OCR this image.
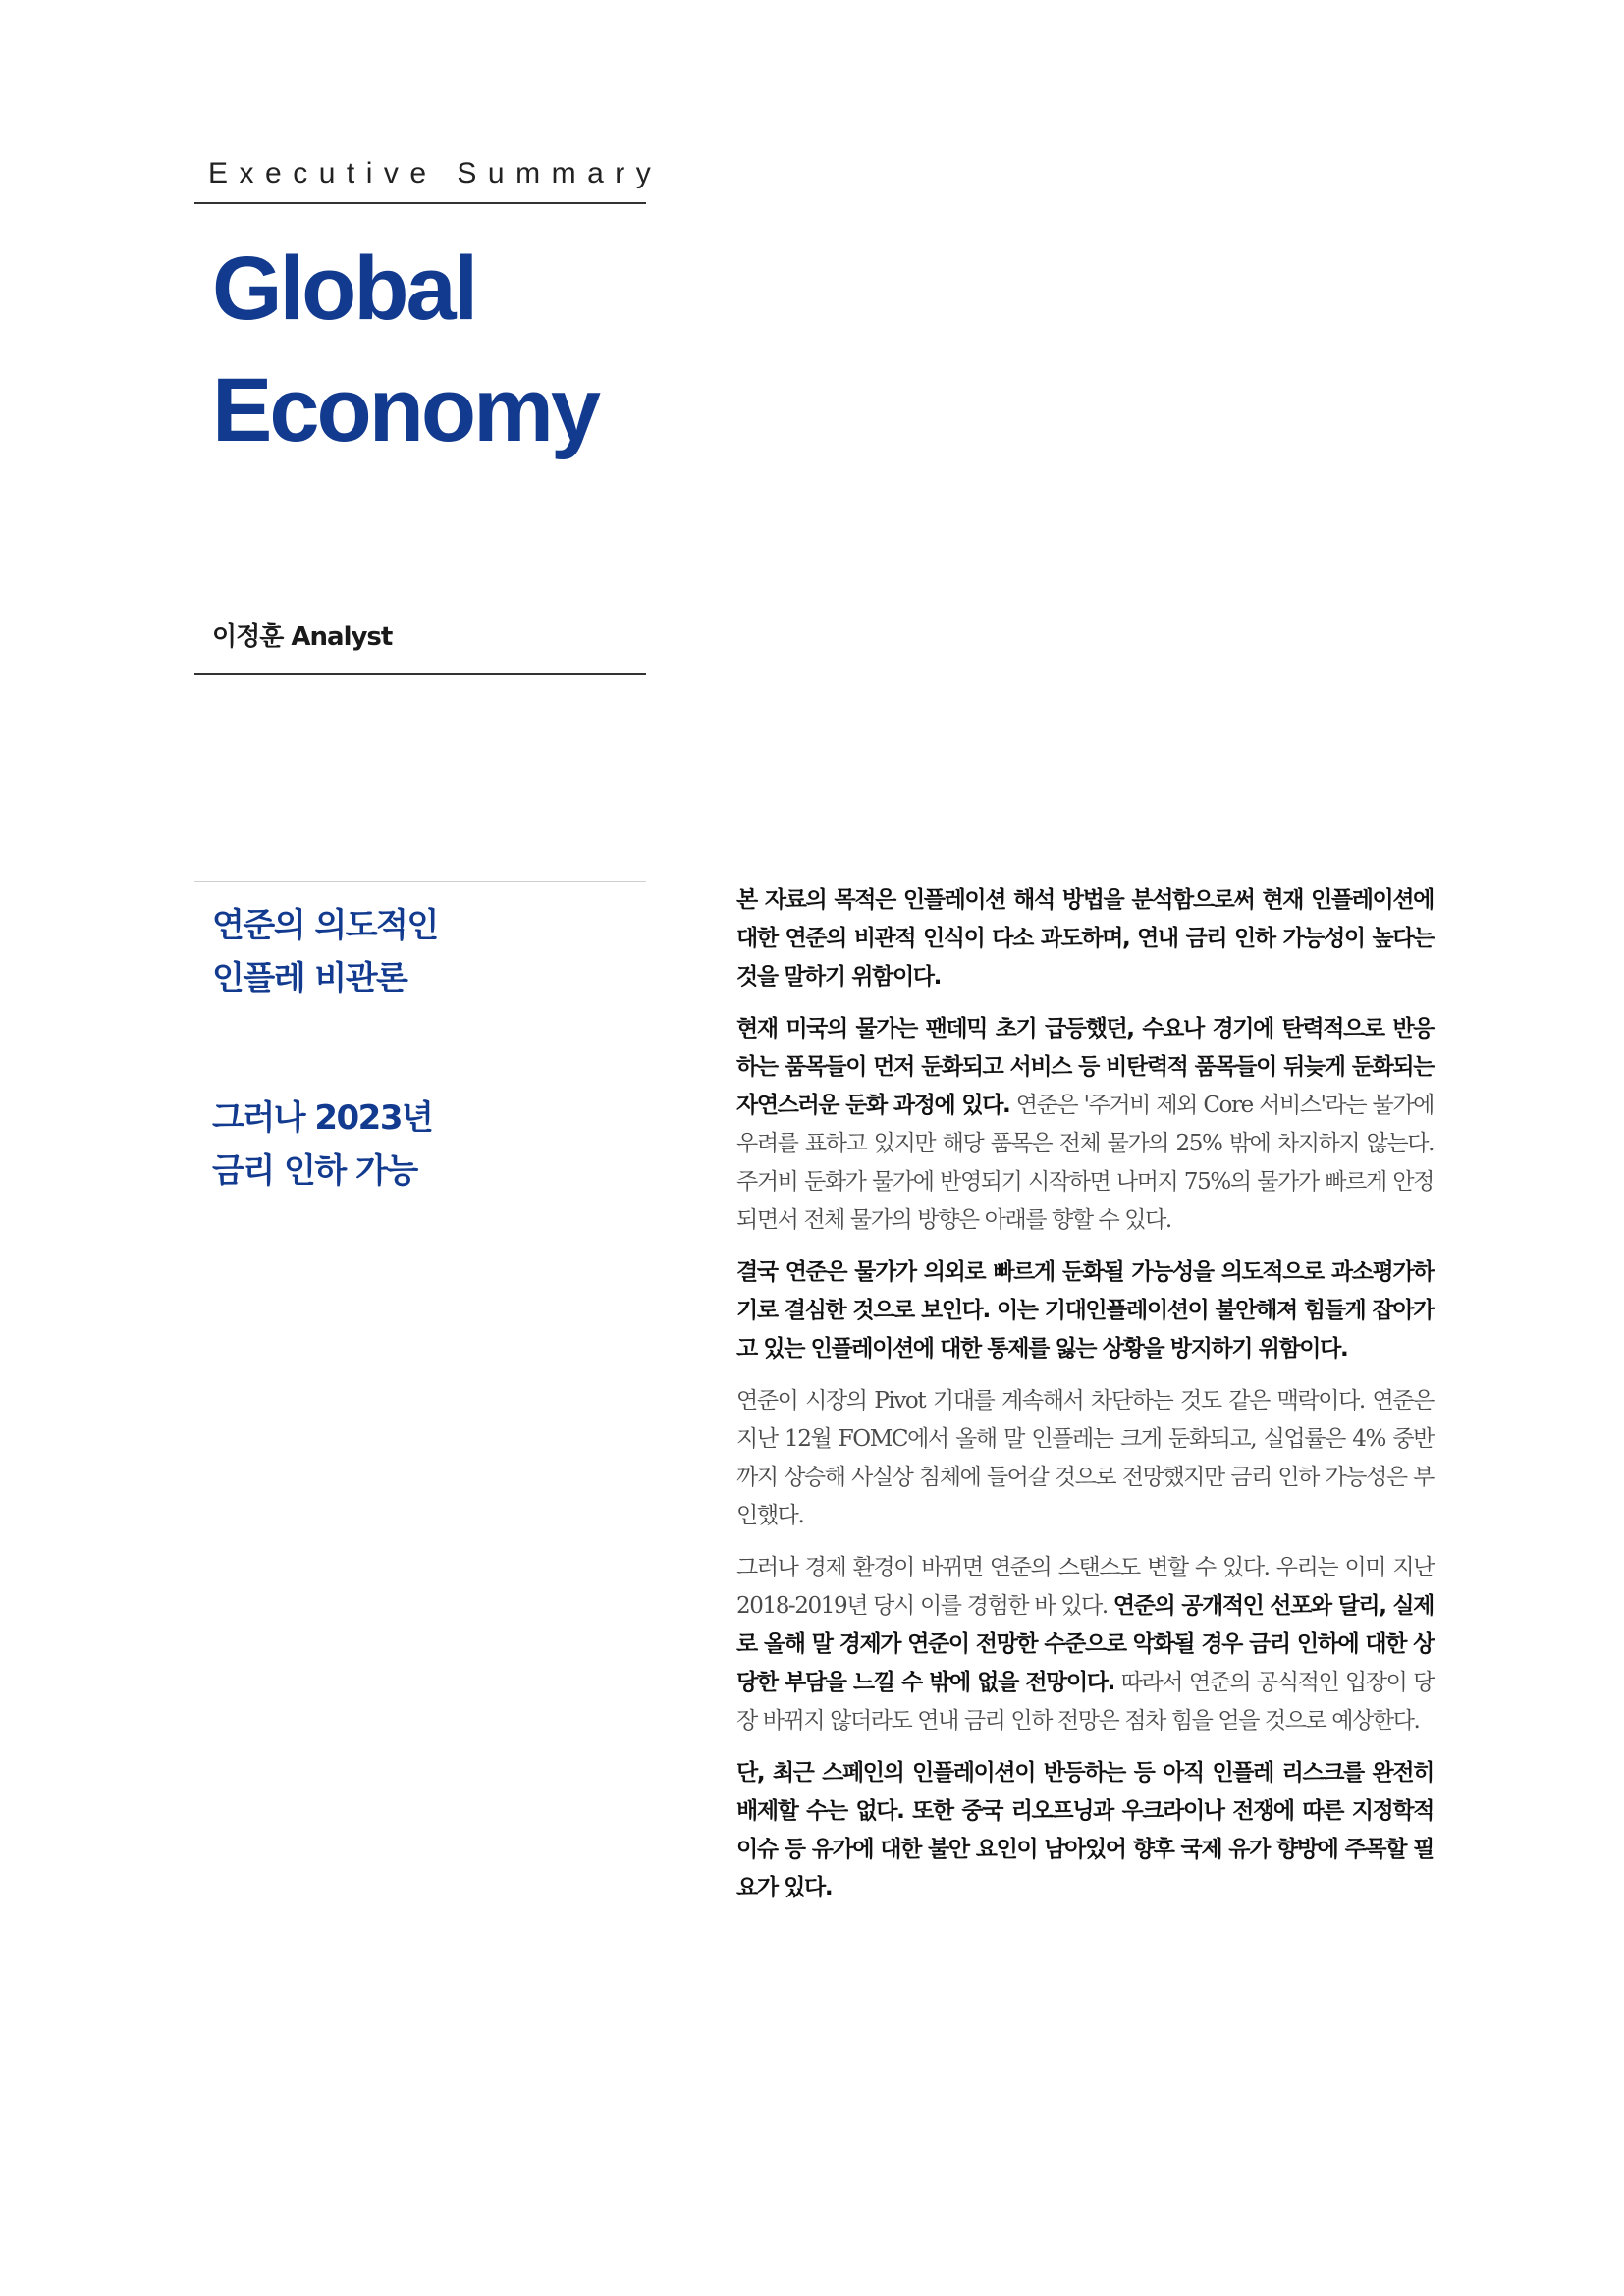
Executive Summary
Global
Economy
이정훈 Analyst
연준의 의도적인
인플레 비관론
그러나 2023년
금리 인하 가능

본 자료의 목적은 인플레이션 해석 방법을 분석함으로써 현재 인플레이션에 대한 연준의 비관적 인식이 다소 과도하며, 연내 금리 인하 가능성이 높다는 것을 말하기 위함이다.

현재 미국의 물가는 팬데믹 초기 급등했던, 수요나 경기에 탄력적으로 반응하는 품목들이 먼저 둔화되고 서비스 등 비탄력적 품목들이 뒤늦게 둔화되는 자연스러운 둔화 과정에 있다. 연준은 '주거비 제외 Core 서비스'라는 물가에 우려를 표하고 있지만 해당 품목은 전체 물가의 25% 밖에 차지하지 않는다. 주거비 둔화가 물가에 반영되기 시작하면 나머지 75%의 물가가 빠르게 안정되면서 전체 물가의 방향은 아래를 향할 수 있다.

결국 연준은 물가가 의외로 빠르게 둔화될 가능성을 의도적으로 과소평가하기로 결심한 것으로 보인다. 이는 기대인플레이션이 불안해져 힘들게 잡아가고 있는 인플레이션에 대한 통제를 잃는 상황을 방지하기 위함이다.

연준이 시장의 Pivot 기대를 계속해서 차단하는 것도 같은 맥락이다. 연준은 지난 12월 FOMC에서 올해 말 인플레는 크게 둔화되고, 실업률은 4% 중반까지 상승해 사실상 침체에 들어갈 것으로 전망했지만 금리 인하 가능성은 부인했다.

그러나 경제 환경이 바뀌면 연준의 스탠스도 변할 수 있다. 우리는 이미 지난 2018-2019년 당시 이를 경험한 바 있다. 연준의 공개적인 선포와 달리, 실제로 올해 말 경제가 연준이 전망한 수준으로 악화될 경우 금리 인하에 대한 상당한 부담을 느낄 수 밖에 없을 전망이다. 따라서 연준의 공식적인 입장이 당장 바뀌지 않더라도 연내 금리 인하 전망은 점차 힘을 얻을 것으로 예상한다.

단, 최근 스페인의 인플레이션이 반등하는 등 아직 인플레 리스크를 완전히 배제할 수는 없다. 또한 중국 리오프닝과 우크라이나 전쟁에 따른 지정학적 이슈 등 유가에 대한 불안 요인이 남아있어 향후 국제 유가 향방에 주목할 필요가 있다.
